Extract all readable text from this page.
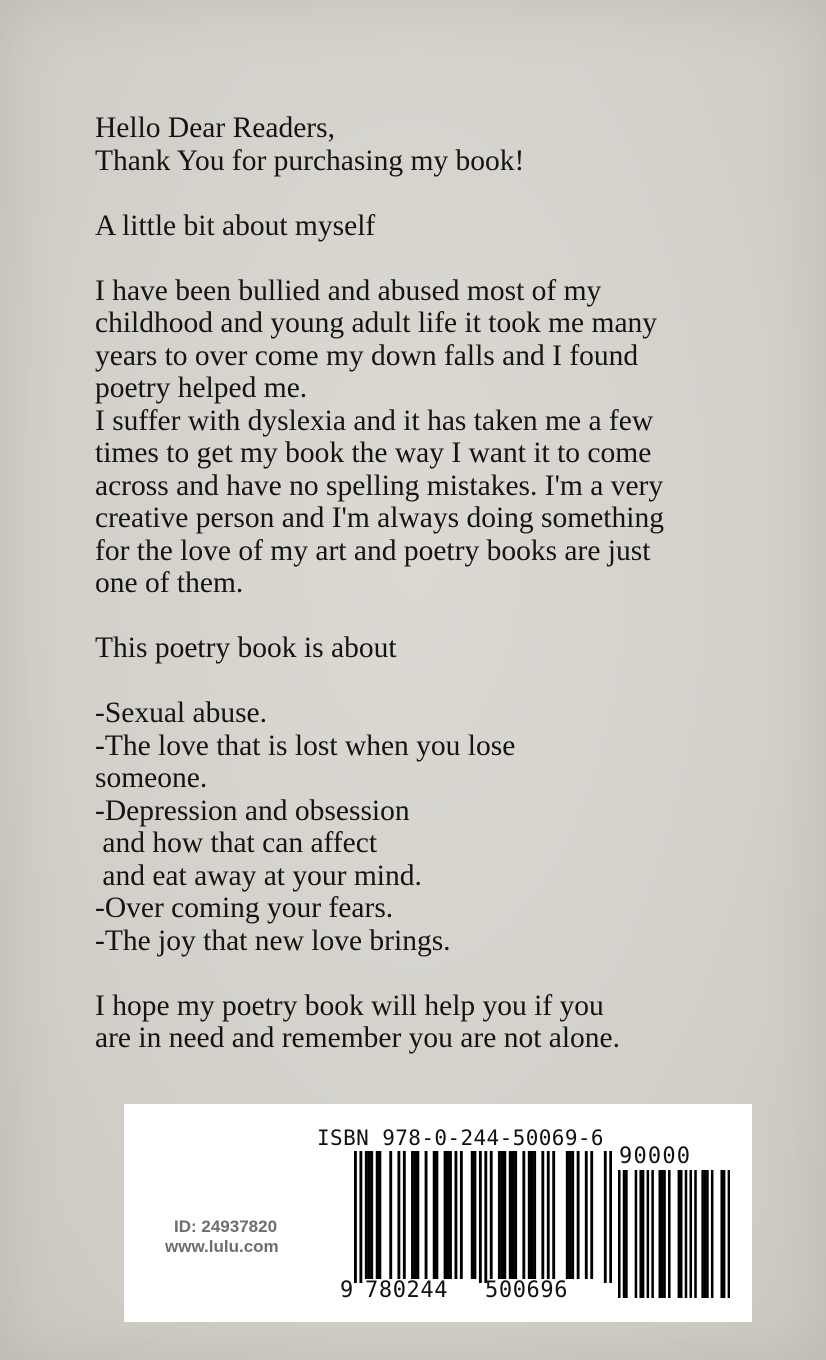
Hello Dear Readers,

Thank You for purchasing my book!

A little bit about myself

I have been bullied and abused most of my

childhood and young adult life it took me many

years to over come my down falls and I found

poetry helped me.

I suffer with dyslexia and it has taken me a few

times to get my book the way I want it to come

across and have no spelling mistakes. I'm a very

creative person and I'm always doing something

for the love of my art and poetry books are just

one of them.

This poetry book is about

-Sexual abuse.

-The love that is lost when you lose

someone.

-Depression and obsession

and how that can affect

and eat away at your mind.

-Over coming your fears.

-The joy that new love brings.

I hope my poetry book will help you if you

are in need and remember you are not alone.

ID: 24937820
www.lulu.com
ISBN 978-0-244-50069-6
90000
9 780244 500696
